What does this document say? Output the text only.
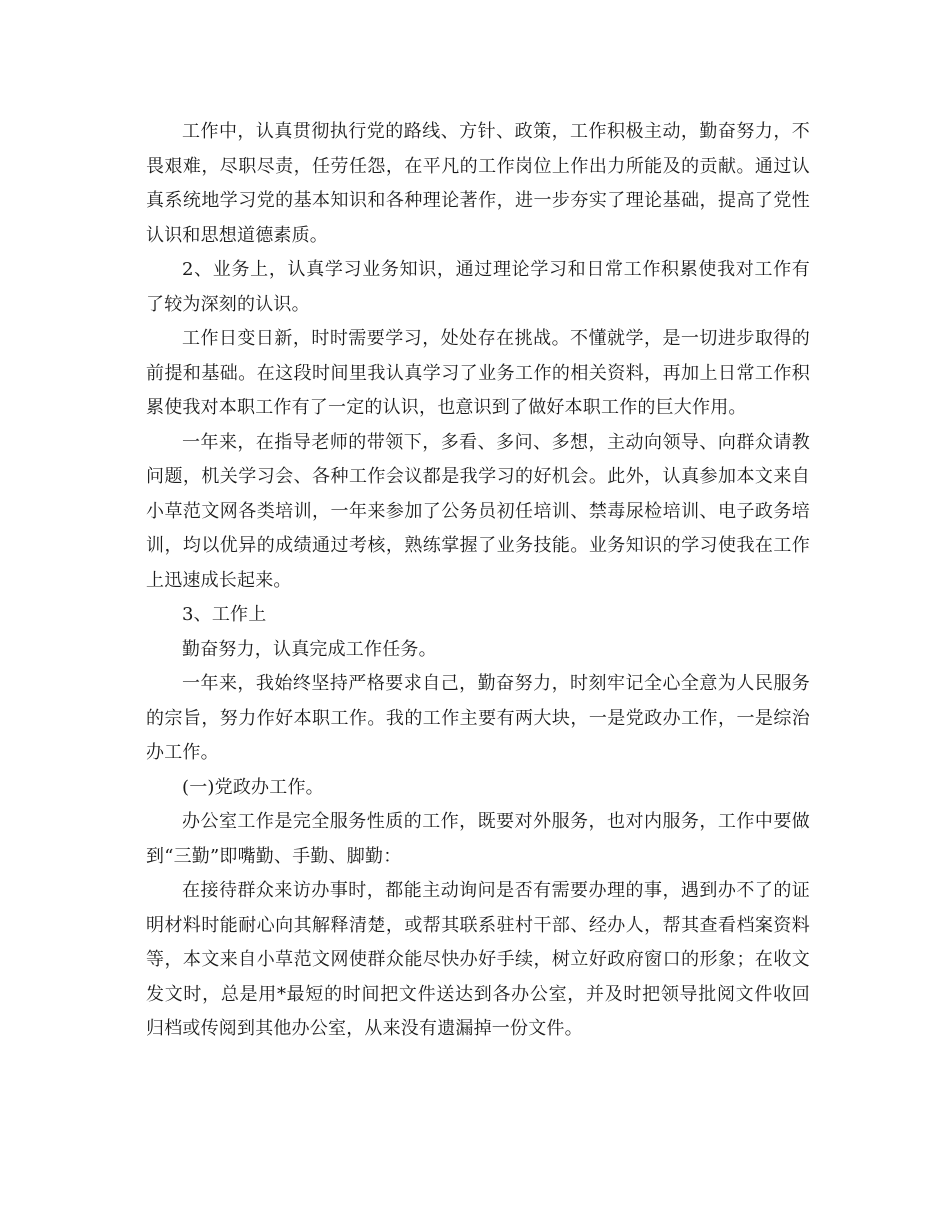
工作中，认真贯彻执行党的路线、方针、政策，工作积极主动，勤奋努力，不畏艰难，尽职尽责，任劳任怨，在平凡的工作岗位上作出力所能及的贡献。通过认真系统地学习党的基本知识和各种理论著作，进一步夯实了理论基础，提高了党性认识和思想道德素质。

2、业务上，认真学习业务知识，通过理论学习和日常工作积累使我对工作有了较为深刻的认识。

工作日变日新，时时需要学习，处处存在挑战。不懂就学，是一切进步取得的前提和基础。在这段时间里我认真学习了业务工作的相关资料，再加上日常工作积累使我对本职工作有了一定的认识，也意识到了做好本职工作的巨大作用。

一年来，在指导老师的带领下，多看、多问、多想，主动向领导、向群众请教问题，机关学习会、各种工作会议都是我学习的好机会。此外，认真参加本文来自小草范文网各类培训，一年来参加了公务员初任培训、禁毒尿检培训、电子政务培训，均以优异的成绩通过考核，熟练掌握了业务技能。业务知识的学习使我在工作上迅速成长起来。

3、工作上

勤奋努力，认真完成工作任务。

一年来，我始终坚持严格要求自己，勤奋努力，时刻牢记全心全意为人民服务的宗旨，努力作好本职工作。我的工作主要有两大块，一是党政办工作，一是综治办工作。

(一)党政办工作。

办公室工作是完全服务性质的工作，既要对外服务，也对内服务，工作中要做到“三勤”即嘴勤、手勤、脚勤：

在接待群众来访办事时，都能主动询问是否有需要办理的事，遇到办不了的证明材料时能耐心向其解释清楚，或帮其联系驻村干部、经办人，帮其查看档案资料等，本文来自小草范文网使群众能尽快办好手续，树立好政府窗口的形象；在收文发文时，总是用*最短的时间把文件送达到各办公室，并及时把领导批阅文件收回归档或传阅到其他办公室，从来没有遗漏掉一份文件。
